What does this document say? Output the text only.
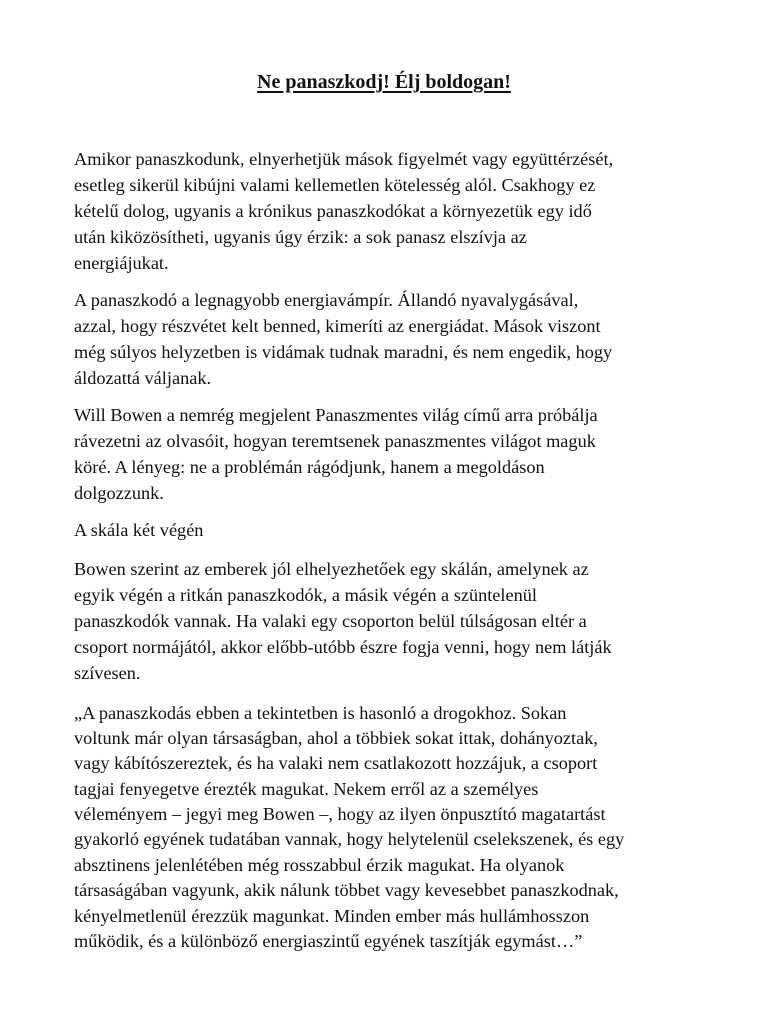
Ne panaszkodj! Élj boldogan!

Amikor panaszkodunk, elnyerhetjük mások figyelmét vagy együttérzését,

esetleg sikerül kibújni valami kellemetlen kötelesség alól. Csakhogy ez

kételű dolog, ugyanis a krónikus panaszkodókat a környezetük egy idő

után kiközösítheti, ugyanis úgy érzik: a sok panasz elszívja az

energiájukat.

A panaszkodó a legnagyobb energiavámpír. Állandó nyavalygásával,

azzal, hogy részvétet kelt benned, kimeríti az energiádat. Mások viszont

még súlyos helyzetben is vidámak tudnak maradni, és nem engedik, hogy

áldozattá váljanak.

Will Bowen a nemrég megjelent Panaszmentes világ című arra próbálja

rávezetni az olvasóit, hogyan teremtsenek panaszmentes világot maguk

köré. A lényeg: ne a problémán rágódjunk, hanem a megoldáson

dolgozzunk.

A skála két végén

Bowen szerint az emberek jól elhelyezhetőek egy skálán, amelynek az

egyik végén a ritkán panaszkodók, a másik végén a szüntelenül

panaszkodók vannak. Ha valaki egy csoporton belül túlságosan eltér a

csoport normájától, akkor előbb-utóbb észre fogja venni, hogy nem látják

szívesen.

„A panaszkodás ebben a tekintetben is hasonló a drogokhoz. Sokan

voltunk már olyan társaságban, ahol a többiek sokat ittak, dohányoztak,

vagy kábítószereztek, és ha valaki nem csatlakozott hozzájuk, a csoport

tagjai fenyegetve érezték magukat. Nekem erről az a személyes

véleményem – jegyi meg Bowen –, hogy az ilyen önpusztító magatartást

gyakorló egyének tudatában vannak, hogy helytelenül cselekszenek, és egy

absztinens jelenlétében még rosszabbul érzik magukat. Ha olyanok

társaságában vagyunk, akik nálunk többet vagy kevesebbet panaszkodnak,

kényelmetlenül érezzük magunkat. Minden ember más hullámhosszon

működik, és a különböző energiaszintű egyének taszítják egymást…”
